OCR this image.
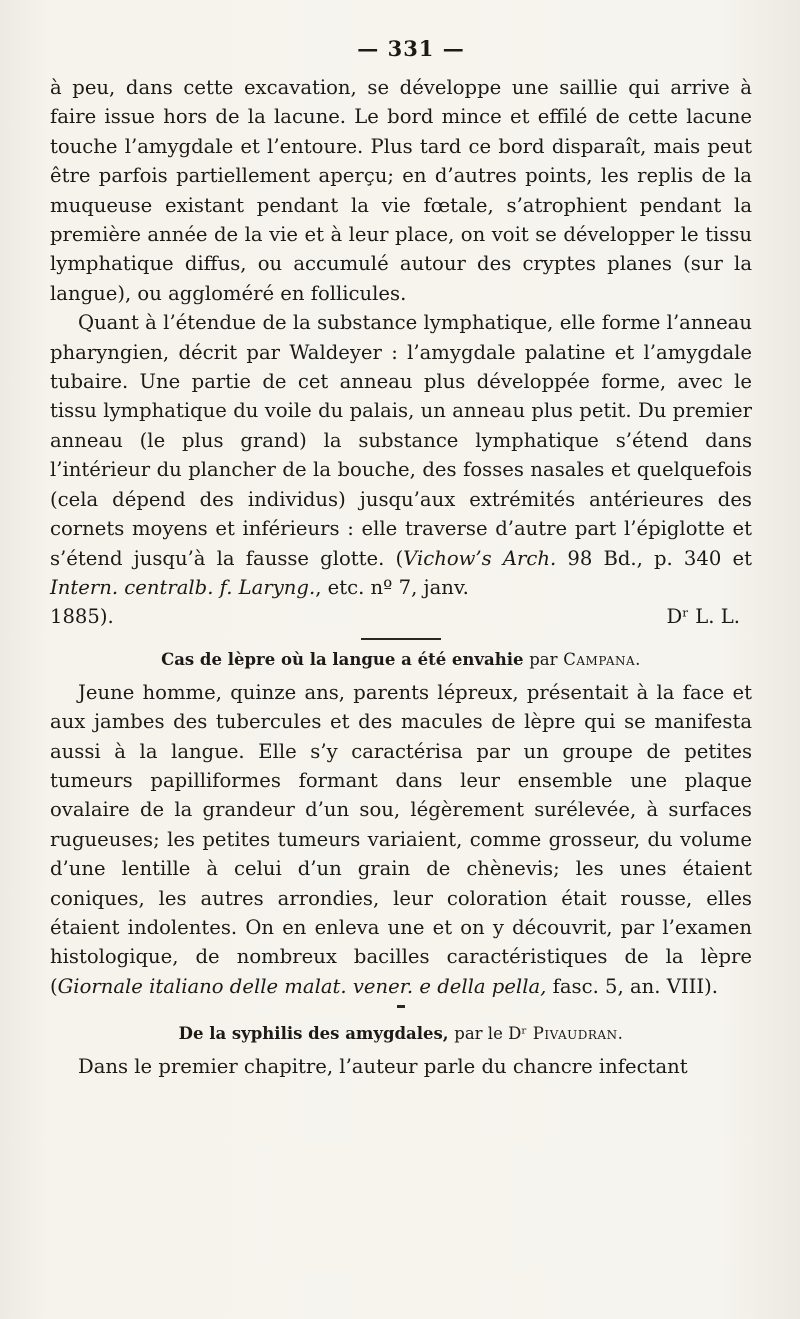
— 331 —

à peu, dans cette excavation, se développe une saillie qui arrive à faire issue hors de la lacune. Le bord mince et effilé de cette lacune touche l’amygdale et l’entoure. Plus tard ce bord disparaît, mais peut être parfois partiellement aperçu; en d’autres points, les replis de la muqueuse existant pendant la vie fœtale, s’atrophient pendant la première année de la vie et à leur place, on voit se développer le tissu lymphatique diffus, ou accumulé autour des cryptes planes (sur la langue), ou aggloméré en follicules.

Quant à l’étendue de la substance lymphatique, elle forme l’anneau pharyngien, décrit par Waldeyer : l’amygdale palatine et l’amygdale tubaire. Une partie de cet anneau plus développée forme, avec le tissu lymphatique du voile du palais, un anneau plus petit. Du premier anneau (le plus grand) la substance lymphatique s’étend dans l’intérieur du plancher de la bouche, des fosses nasales et quelquefois (cela dépend des individus) jusqu’aux extrémités antérieures des cornets moyens et inférieurs : elle traverse d’autre part l’épiglotte et s’étend jusqu’à la fausse glotte. (Vichow’s Arch. 98 Bd., p. 340 et Intern. centralb. f. Laryng., etc. nº 7, janv.

1885).	Dʳ L. L.
Cas de lèpre où la langue a été envahie par Campana.

Jeune homme, quinze ans, parents lépreux, présentait à la face et aux jambes des tubercules et des macules de lèpre qui se manifesta aussi à la langue. Elle s’y caractérisa par un groupe de petites tumeurs papilliformes formant dans leur ensemble une plaque ovalaire de la grandeur d’un sou, légèrement surélevée, à surfaces rugueuses; les petites tumeurs variaient, comme grosseur, du volume d’une lentille à celui d’un grain de chènevis; les unes étaient coniques, les autres arrondies, leur coloration était rousse, elles étaient indolentes. On en enleva une et on y découvrit, par l’examen histologique, de nombreux bacilles caractéristiques de la lèpre (Giornale italiano delle malat. vener. e della pella, fasc. 5, an. VIII).

De la syphilis des amygdales, par le Dʳ Pivaudran.

Dans le premier chapitre, l’auteur parle du chancre infectant
